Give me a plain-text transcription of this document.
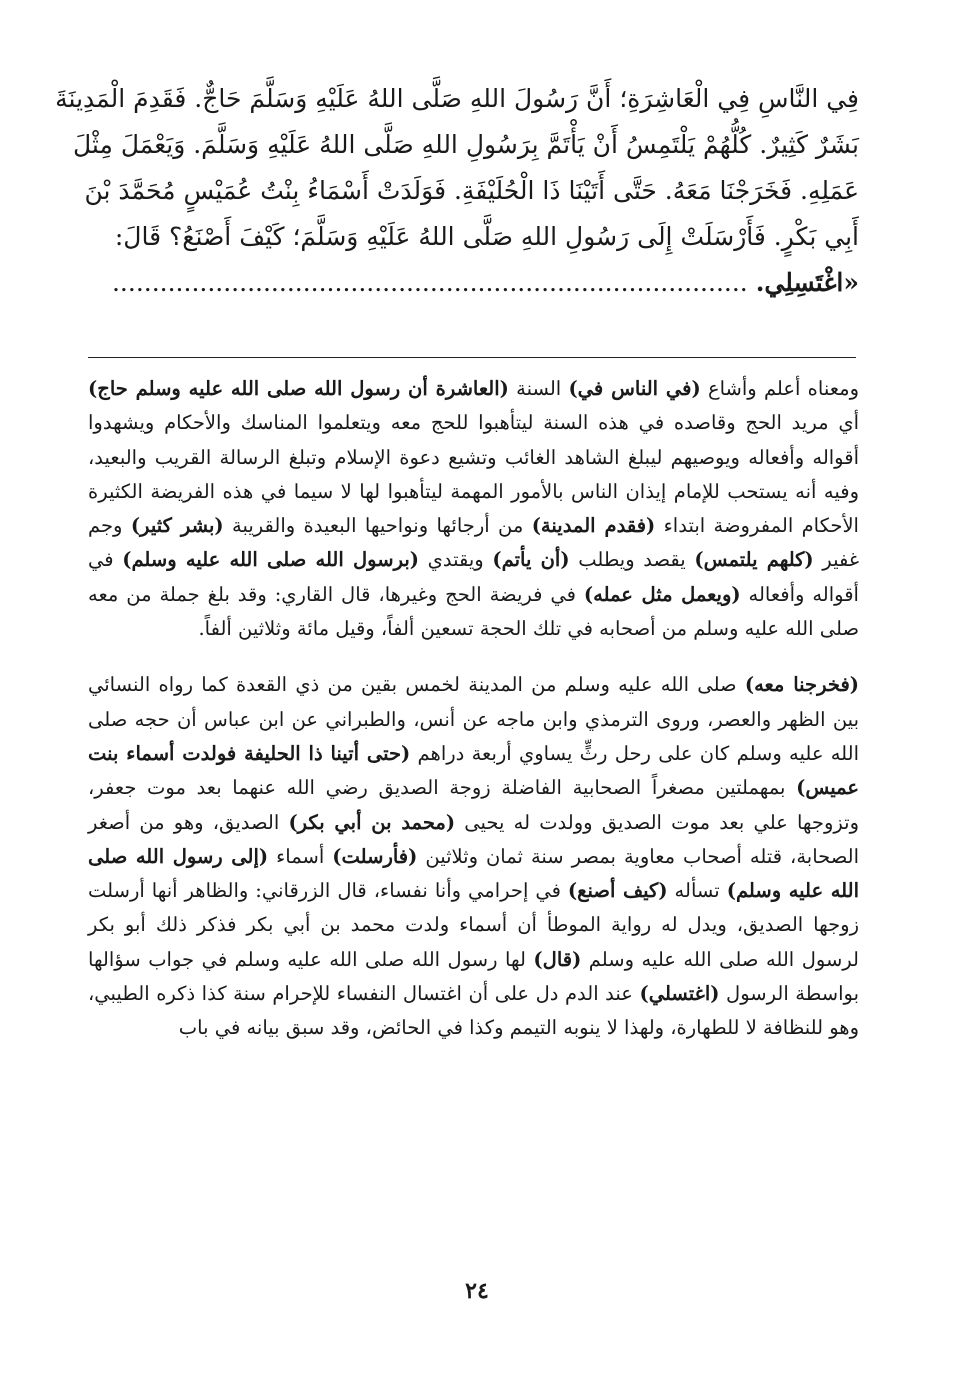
فِي النَّاسِ فِي الْعَاشِرَةِ؛ أَنَّ رَسُولَ اللهِ صَلَّى اللهُ عَلَيْهِ وَسَلَّمَ حَاجٌّ. فَقَدِمَ الْمَدِينَةَ
بَشَرٌ كَثِيرٌ. كُلُّهُمْ يَلْتَمِسُ أَنْ يَأْتَمَّ بِرَسُولِ اللهِ صَلَّى اللهُ عَلَيْهِ وَسَلَّمَ. وَيَعْمَلَ مِثْلَ
عَمَلِهِ. فَخَرَجْنَا مَعَهُ. حَتَّى أَتَيْنَا ذَا الْحُلَيْفَةِ. فَوَلَدَتْ أَسْمَاءُ بِنْتُ عُمَيْسٍ مُحَمَّدَ بْنَ
أَبِي بَكْرٍ. فَأَرْسَلَتْ إِلَى رَسُولِ اللهِ صَلَّى اللهُ عَلَيْهِ وَسَلَّمَ؛ كَيْفَ أَصْنَعُ؟ قَالَ:
«اغْتَسِلِي. ................................................................................

ومعناه أعلم وأشاع (في الناس في) السنة (العاشرة أن رسول الله صلى الله عليه وسلم حاج) أي مريد الحج وقاصده في هذه السنة ليتأهبوا للحج معه ويتعلموا المناسك والأحكام ويشهدوا أقواله وأفعاله ويوصيهم ليبلغ الشاهد الغائب وتشيع دعوة الإسلام وتبلغ الرسالة القريب والبعيد، وفيه أنه يستحب للإمام إيذان الناس بالأمور المهمة ليتأهبوا لها لا سيما في هذه الفريضة الكثيرة الأحكام المفروضة ابتداء (فقدم المدينة) من أرجائها ونواحيها البعيدة والقريبة (بشر كثير) وجم غفير (كلهم يلتمس) يقصد ويطلب (أن يأتم) ويقتدي (برسول الله صلى الله عليه وسلم) في أقواله وأفعاله (ويعمل مثل عمله) في فريضة الحج وغيرها، قال القاري: وقد بلغ جملة من معه صلى الله عليه وسلم من أصحابه في تلك الحجة تسعين ألفاً، وقيل مائة وثلاثين ألفاً.

(فخرجنا معه) صلى الله عليه وسلم من المدينة لخمس بقين من ذي القعدة كما رواه النسائي بين الظهر والعصر، وروى الترمذي وابن ماجه عن أنس، والطبراني عن ابن عباس أن حجه صلى الله عليه وسلم كان على رحل رثٍّ يساوي أربعة دراهم (حتى أتينا ذا الحليفة فولدت أسماء بنت عميس) بمهملتين مصغراً الصحابية الفاضلة زوجة الصديق رضي الله عنهما بعد موت جعفر، وتزوجها علي بعد موت الصديق وولدت له يحيى (محمد بن أبي بكر) الصديق، وهو من أصغر الصحابة، قتله أصحاب معاوية بمصر سنة ثمان وثلاثين (فأرسلت) أسماء (إلى رسول الله صلى الله عليه وسلم) تسأله (كيف أصنع) في إحرامي وأنا نفساء، قال الزرقاني: والظاهر أنها أرسلت زوجها الصديق، ويدل له رواية الموطأ أن أسماء ولدت محمد بن أبي بكر فذكر ذلك أبو بكر لرسول الله صلى الله عليه وسلم (قال) لها رسول الله صلى الله عليه وسلم في جواب سؤالها بواسطة الرسول (اغتسلي) عند الدم دل على أن اغتسال النفساء للإحرام سنة كذا ذكره الطيبي، وهو للنظافة لا للطهارة، ولهذا لا ينوبه التيمم وكذا في الحائض، وقد سبق بيانه في باب

٢٤
